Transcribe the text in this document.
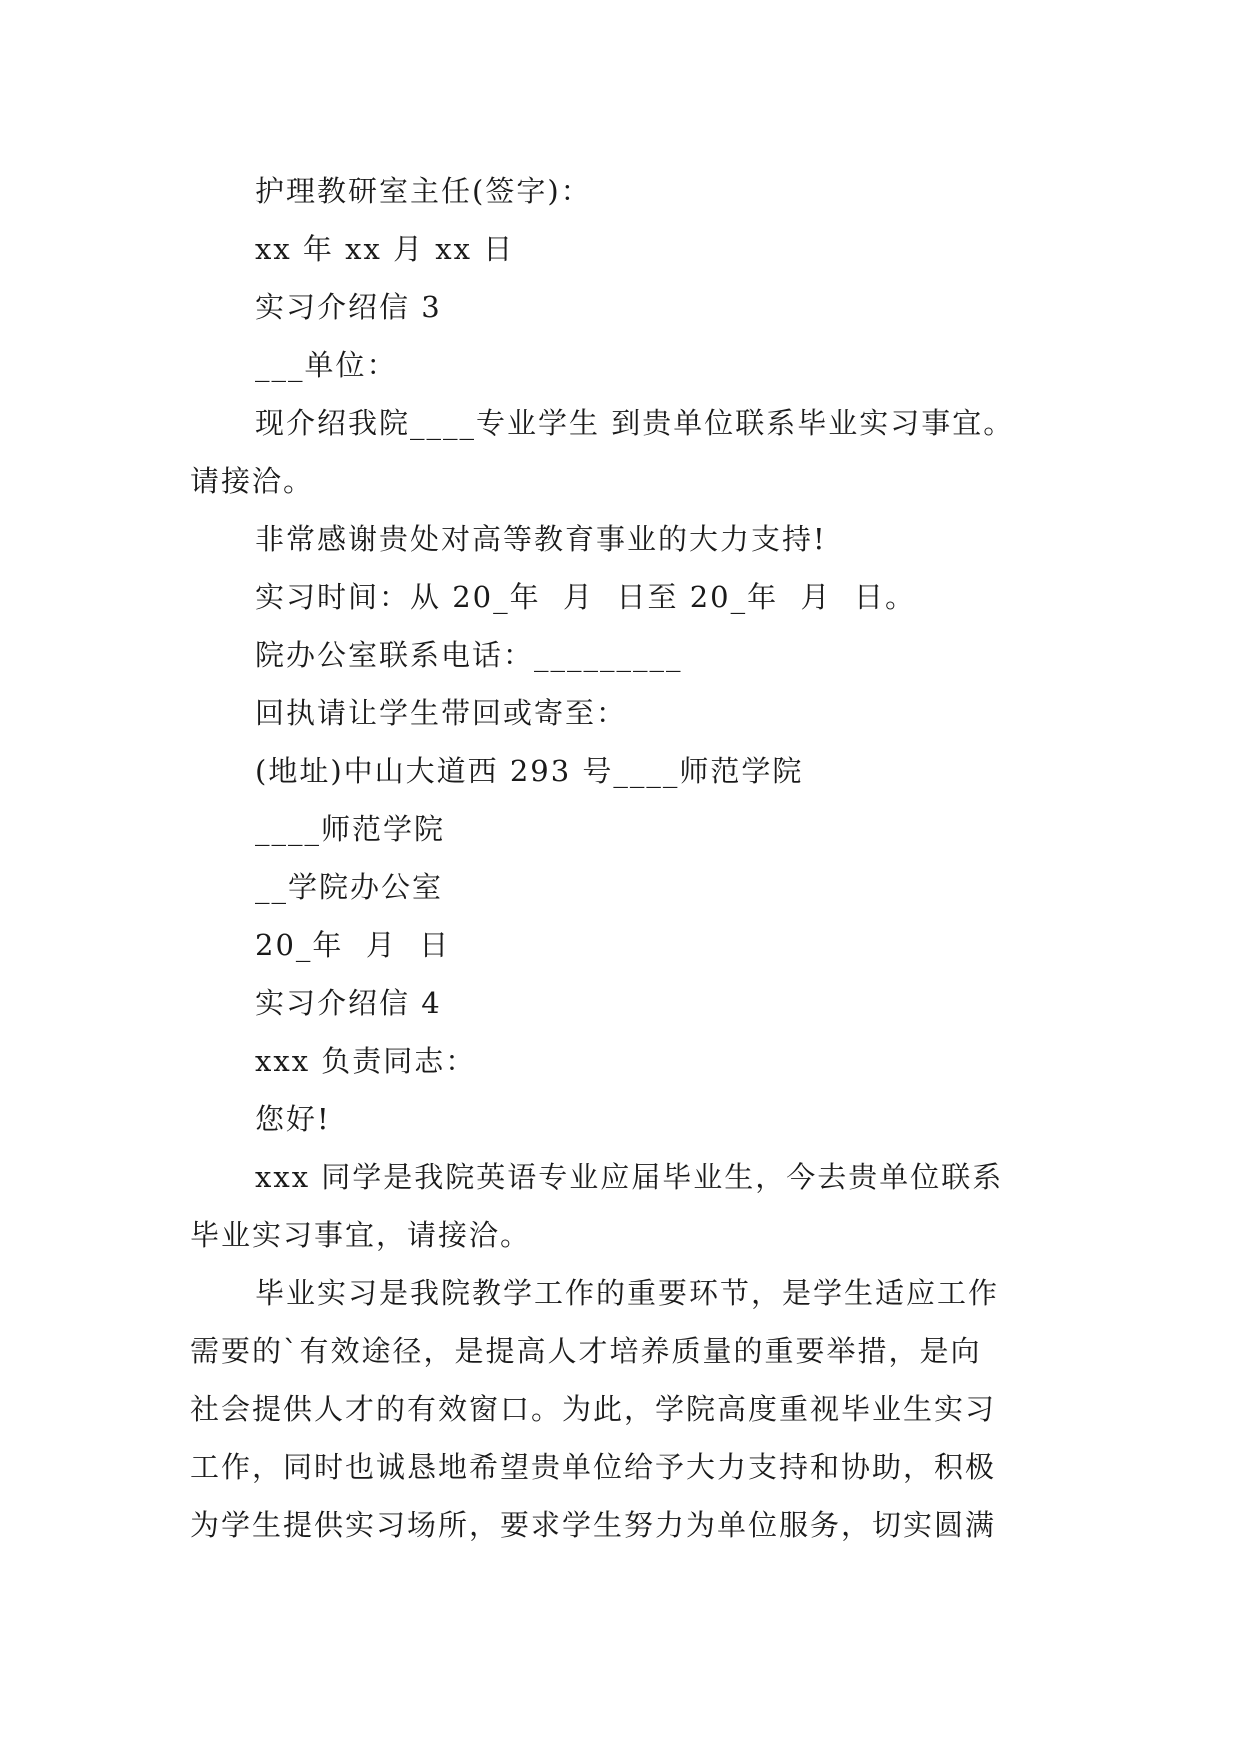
护理教研室主任(签字)：
xx 年 xx 月 xx 日
实习介绍信 3
___单位：
现介绍我院____专业学生 到贵单位联系毕业实习事宜。
请接洽。
非常感谢贵处对高等教育事业的大力支持!
实习时间：从 20_年  月  日至 20_年  月  日。
院办公室联系电话：_________
回执请让学生带回或寄至：
(地址)中山大道西 293 号____师范学院
____师范学院
__学院办公室
20_年  月  日
实习介绍信 4
xxx 负责同志：
您好!
xxx 同学是我院英语专业应届毕业生，今去贵单位联系
毕业实习事宜，请接洽。
毕业实习是我院教学工作的重要环节，是学生适应工作
需要的`有效途径，是提高人才培养质量的重要举措，是向
社会提供人才的有效窗口。为此，学院高度重视毕业生实习
工作，同时也诚恳地希望贵单位给予大力支持和协助，积极
为学生提供实习场所，要求学生努力为单位服务，切实圆满
